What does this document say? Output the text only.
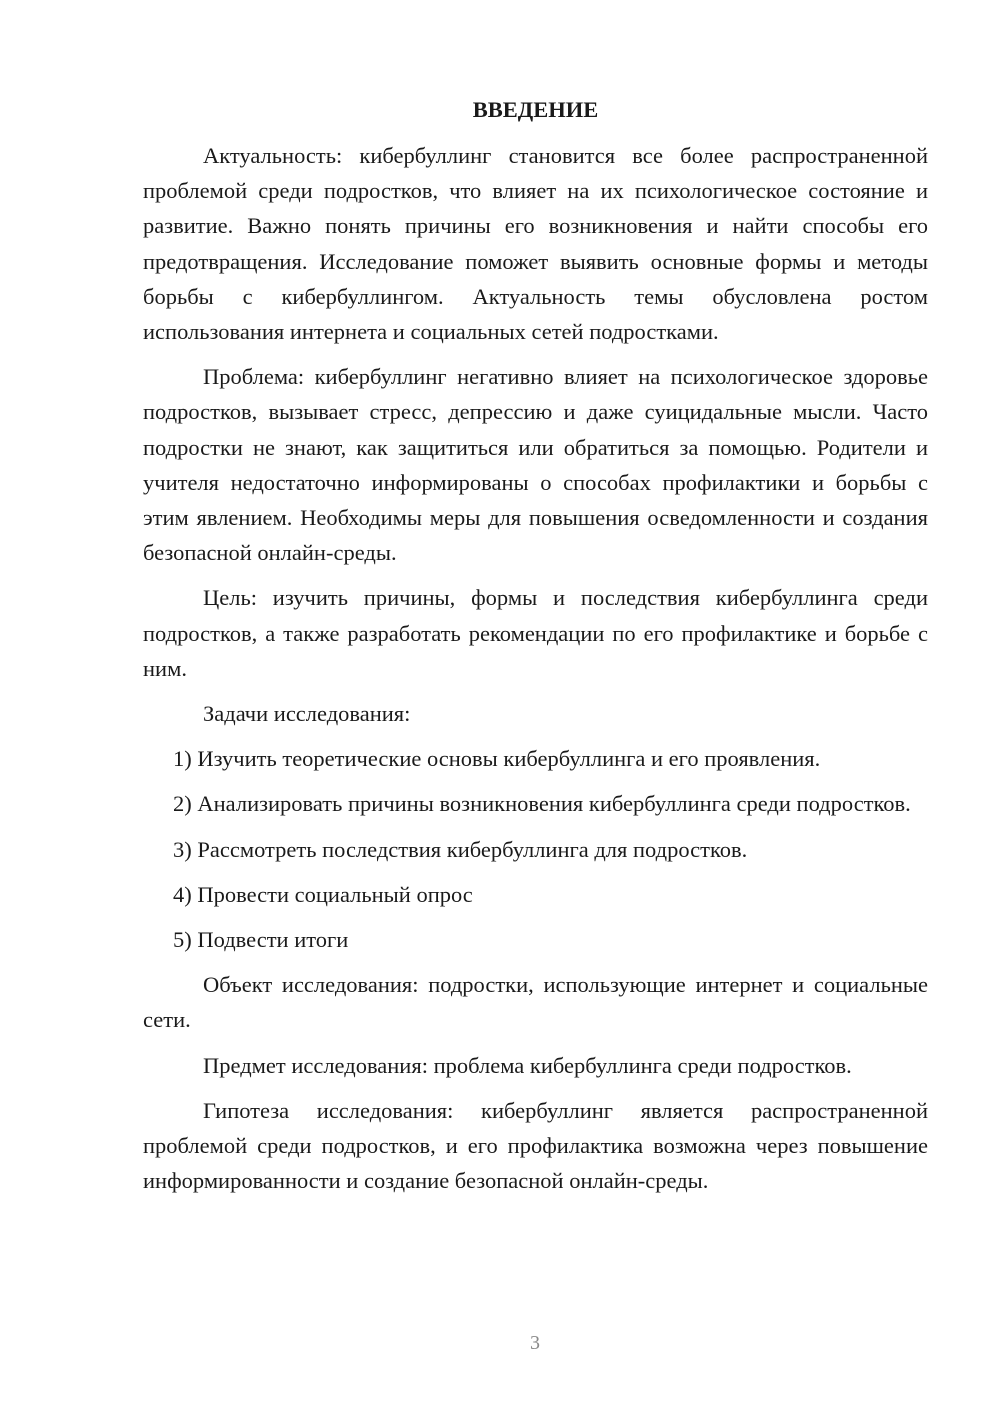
ВВЕДЕНИЕ

Актуальность: кибербуллинг становится все более распространенной проблемой среди подростков, что влияет на их психологическое состояние и развитие. Важно понять причины его возникновения и найти способы его предотвращения. Исследование поможет выявить основные формы и методы борьбы с кибербуллингом. Актуальность темы обусловлена ростом использования интернета и социальных сетей подростками.

Проблема: кибербуллинг негативно влияет на психологическое здоровье подростков, вызывает стресс, депрессию и даже суицидальные мысли. Часто подростки не знают, как защититься или обратиться за помощью. Родители и учителя недостаточно информированы о способах профилактики и борьбы с этим явлением. Необходимы меры для повышения осведомленности и создания безопасной онлайн-среды.

Цель: изучить причины, формы и последствия кибербуллинга среди подростков, а также разработать рекомендации по его профилактике и борьбе с ним.

Задачи исследования:

1) Изучить теоретические основы кибербуллинга и его проявления.

2) Анализировать причины возникновения кибербуллинга среди подростков.

3) Рассмотреть последствия кибербуллинга для подростков.

4) Провести социальный опрос

5) Подвести итоги

Объект исследования: подростки, использующие интернет и социальные сети.

Предмет исследования: проблема кибербуллинга среди подростков.

Гипотеза исследования: кибербуллинг является распространенной проблемой среди подростков, и его профилактика возможна через повышение информированности и создание безопасной онлайн-среды.

3
